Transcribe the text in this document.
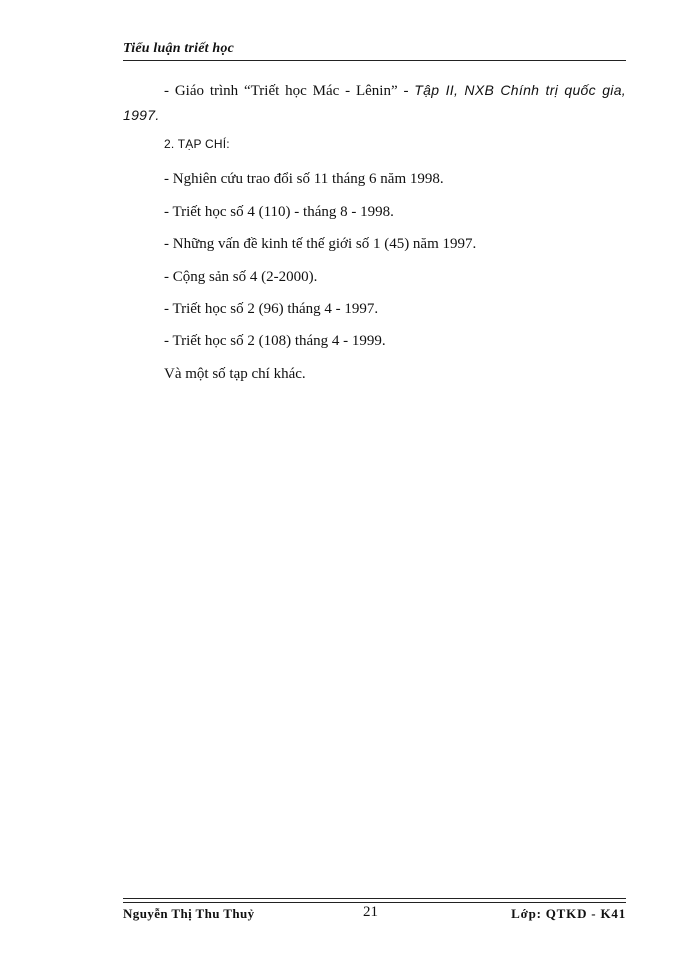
Tiểu luận triết học

- Giáo trình “Triết học Mác - Lênin” - Tập II, NXB Chính trị quốc gia, 1997.

2. TẠP CHÍ:
- Nghiên cứu trao đổi số 11 tháng 6 năm 1998.
- Triết học số 4 (110) - tháng 8 - 1998.
- Những vấn đề kinh tế thế giới số 1 (45) năm 1997.
- Cộng sản số 4 (2-2000).
- Triết học số 2 (96) tháng 4 - 1997.
- Triết học số 2 (108) tháng 4 - 1999.
Và một số tạp chí khác.
Nguyễn Thị Thu Thuỷ	21	Lớp: QTKD - K41
